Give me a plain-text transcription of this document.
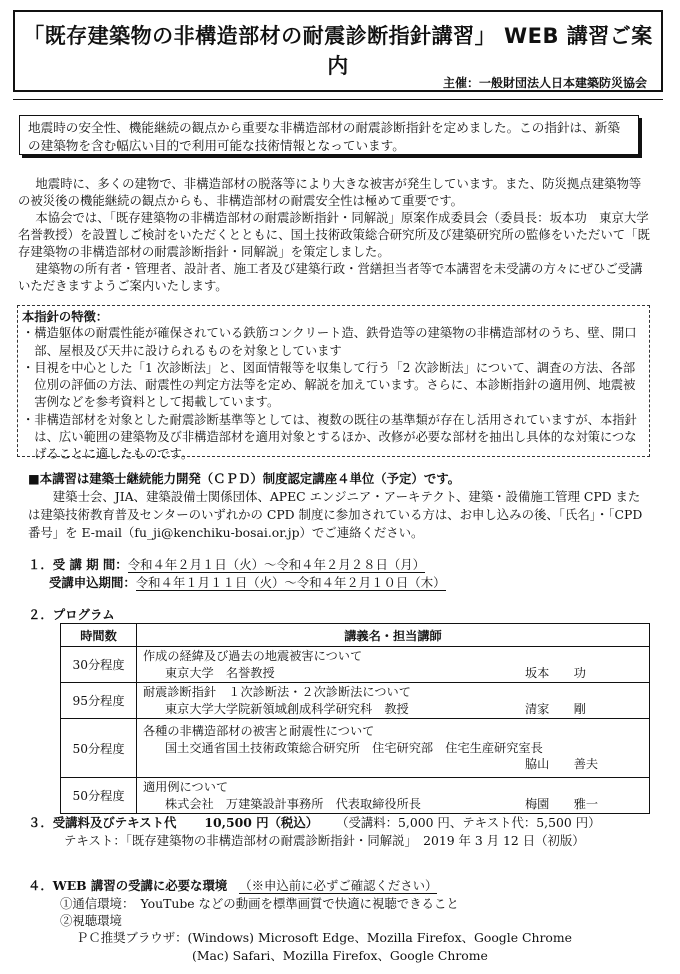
「既存建築物の非構造部材の耐震診断指針講習」 WEB 講習ご案内
主催：一般財団法人日本建築防災協会
地震時の安全性、機能継続の観点から重要な非構造部材の耐震診断指針を定めました。この指針は、新築の建築物を含む幅広い目的で利用可能な技術情報となっています。
地震時に、多くの建物で、非構造部材の脱落等により大きな被害が発生しています。また、防災拠点建築物等の被災後の機能継続の観点からも、非構造部材の耐震安全性は極めて重要です。
本協会では、「既存建築物の非構造部材の耐震診断指針・同解説」原案作成委員会（委員長：坂本功　東京大学名誉教授）を設置しご検討をいただくとともに、国土技術政策総合研究所及び建築研究所の監修をいただいて「既存建築物の非構造部材の耐震診断指針・同解説」を策定しました。
建築物の所有者・管理者、設計者、施工者及び建築行政・営繕担当者等で本講習を未受講の方々にぜひご受講いただきますようご案内いたします。
本指針の特徴：
・構造躯体の耐震性能が確保されている鉄筋コンクリート造、鉄骨造等の建築物の非構造部材のうち、壁、開口部、屋根及び天井に設けられるものを対象としています
・目視を中心とした「1 次診断法」と、図面情報等を収集して行う「2 次診断法」について、調査の方法、各部位別の評価の方法、耐震性の判定方法等を定め、解説を加えています。さらに、本診断指針の適用例、地震被害例などを参考資料として掲載しています。
・非構造部材を対象とした耐震診断基準等としては、複数の既往の基準類が存在し活用されていますが、本指針は、広い範囲の建築物及び非構造部材を適用対象とするほか、改修が必要な部材を抽出し具体的な対策につなげることに適したものです。
■本講習は建築士継続能力開発（ＣＰＤ）制度認定講座４単位（予定）です。
建築士会、JIA、建築設備士関係団体、APEC エンジニア・アーキテクト、建築・設備施工管理 CPD または建築技術教育普及センターのいずれかの CPD 制度に参加されている方は、お申し込みの後、「氏名」・「CPD 番号」を E-mail（fu_ji@kenchiku-bosai.or.jp）でご連絡ください。
１．受 講 期 間：令和４年２月１日（火）～令和４年２月２８日（月）
受講申込期間：令和４年１月１１日（火）～令和４年２月１０日（木）
２．プログラム
時間数	講義名・担当講師
30分程度	作成の経緯及び過去の地震被害について
東京大学　名誉教授 坂本　　功

95分程度	耐震診断指針　１次診断法・２次診断法について
東京大学大学院新領域創成科学研究科　教授 清家　　剛

50分程度	各種の非構造部材の被害と耐震性について
国土交通省国土技術政策総合研究所　住宅研究部　住宅生産研究室長
脇山　　善夫

50分程度	適用例について
株式会社　万建築設計事務所　代表取締役所長 梅園　　雅一
３．受講料及びテキスト代 10,500 円（税込） （受講料：5,000 円、テキスト代：5,500 円）
テキスト：「既存建築物の非構造部材の耐震診断指針・同解説」　2019 年 3 月 12 日（初版）
４．WEB 講習の受講に必要な環境 （※申込前に必ずご確認ください）
①通信環境：　YouTube などの動画を標準画質で快適に視聴できること
②視聴環境
ＰＣ推奨ブラウザ：(Windows) Microsoft Edge、Mozilla Firefox、Google Chrome
(Mac) Safari、Mozilla Firefox、Google Chrome
